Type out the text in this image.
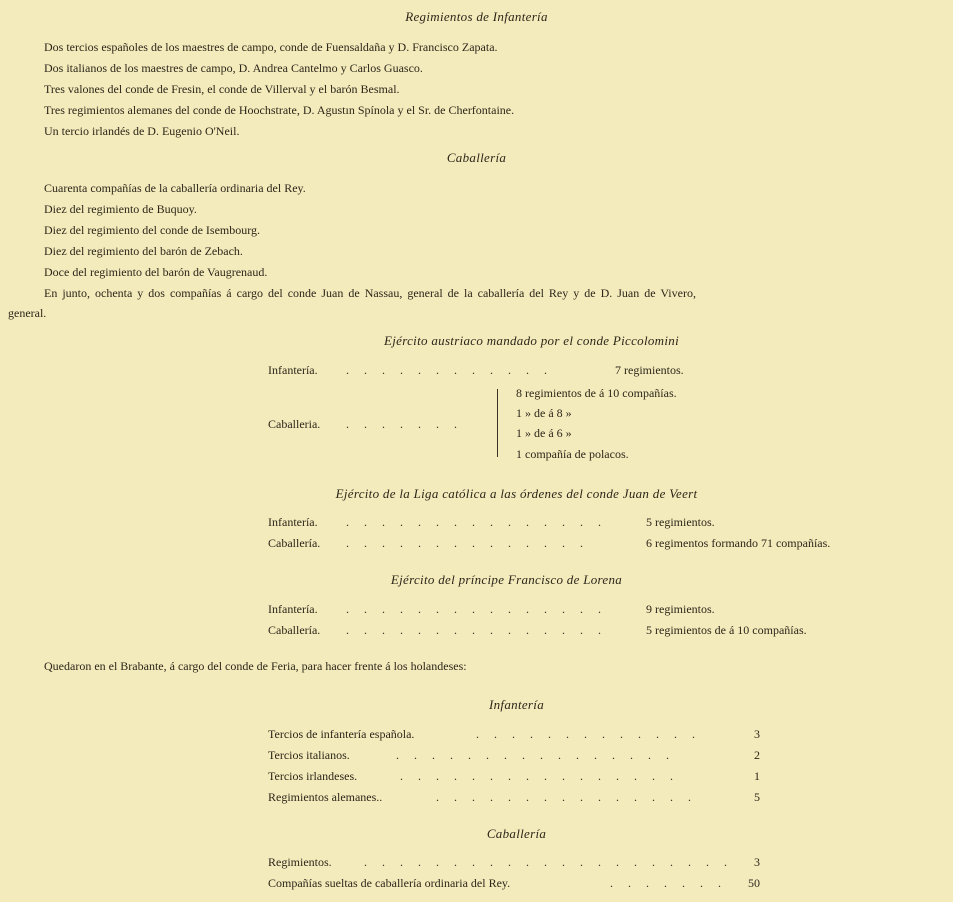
Regimientos de Infantería
Dos tercios españoles de los maestres de campo, conde de Fuensaldaña y D. Francisco Zapata.
Dos italianos de los maestres de campo, D. Andrea Cantelmo y Carlos Guasco.
Tres valones del conde de Fresin, el conde de Villerval y el barón Besmal.
Tres regimientos alemanes del conde de Hoochstrate, D. Agustın Spínola y el Sr. de Cherfontaine.
Un tercio irlandés de D. Eugenio O'Neil.
Caballería
Cuarenta compañías de la caballería ordinaria del Rey.
Diez del regimiento de Buquoy.
Diez del regimiento del conde de Isembourg.
Diez del regimiento del barón de Zebach.
Doce del regimiento del barón de Vaugrenaud.
En junto, ochenta y dos compañías á cargo del conde Juan de Nassau, general de la caballería del Rey y de D. Juan de Vivero,
general.
Ejército austriaco mandado por el conde Piccolomini
Infantería. . . . . . . . . . . . .	7 regimientos.
Caballeria. . . . . . . .
8 regimientos de á 10 compañías.
1 » de á 8 »
1 » de á 6 »
1 compañía de polacos.
Ejército de la Liga católica a las órdenes del conde Juan de Veert
Infantería. . . . . . . . . . . . . . . .	5 regimientos.
Caballería. . . . . . . . . . . . . . .	6 regimentos formando 71 compañías.
Ejército del príncipe Francisco de Lorena
Infantería. . . . . . . . . . . . . . . .	9 regimientos.
Caballería. . . . . . . . . . . . . . . .	5 regimientos de á 10 compañías.
Quedaron en el Brabante, á cargo del conde de Feria, para hacer frente á los holandeses:
Infantería
Tercios de infantería española.	. . . . . . . . . . . . .	3
Tercios italianos.	. . . . . . . . . . . . . . . .	2
Tercios irlandeses.	. . . . . . . . . . . . . . . .	1
Regimientos alemanes..	. . . . . . . . . . . . . . .	5
Caballería
Regimientos.	. . . . . . . . . . . . . . . . . . . . . 3
Compañías sueltas de caballería ordinaria del Rey.	. . . . . . . 50
